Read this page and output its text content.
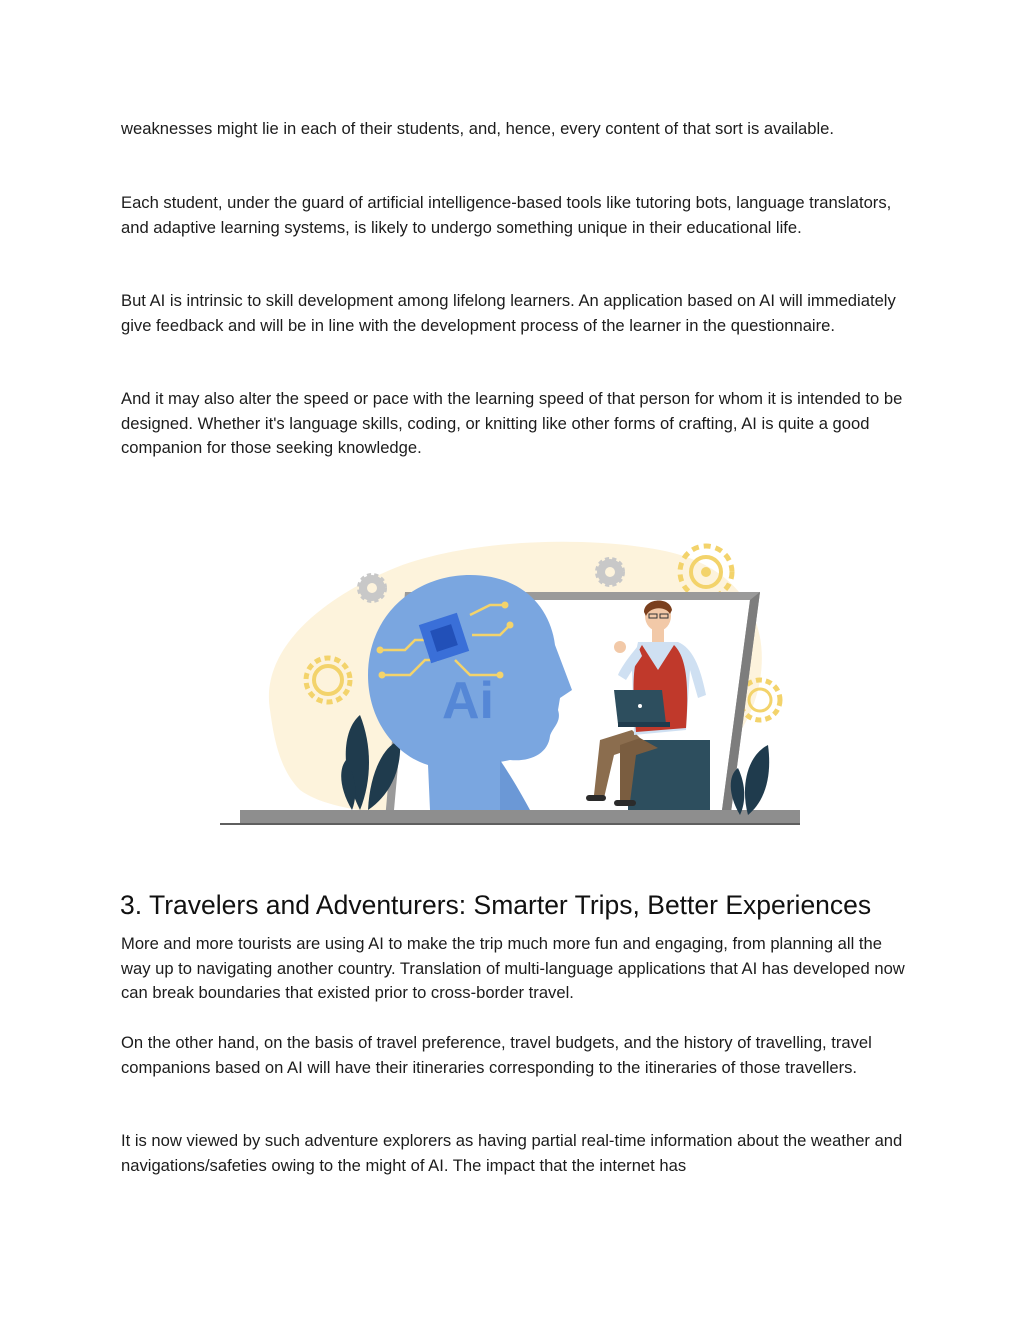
weaknesses might lie in each of their students, and, hence, every content of that sort is available.

Each student, under the guard of artificial intelligence-based tools like tutoring bots, language translators, and adaptive learning systems, is likely to undergo something unique in their educational life.

But AI is intrinsic to skill development among lifelong learners. An application based on AI will immediately give feedback and will be in line with the development process of the learner in the questionnaire.

And it may also alter the speed or pace with the learning speed of that person for whom it is intended to be designed. Whether it's language skills, coding, or knitting like other forms of crafting, AI is quite a good companion for those seeking knowledge.

Ai
3. Travelers and Adventurers: Smarter Trips, Better Experiences

More and more tourists are using AI to make the trip much more fun and engaging, from planning all the way up to navigating another country. Translation of multi-language applications that AI has developed now can break boundaries that existed prior to cross-border travel.

On the other hand, on the basis of travel preference, travel budgets, and the history of travelling, travel companions based on AI will have their itineraries corresponding to the itineraries of those travellers.

It is now viewed by such adventure explorers as having partial real-time information about the weather and navigations/safeties owing to the might of AI. The impact that the internet has
